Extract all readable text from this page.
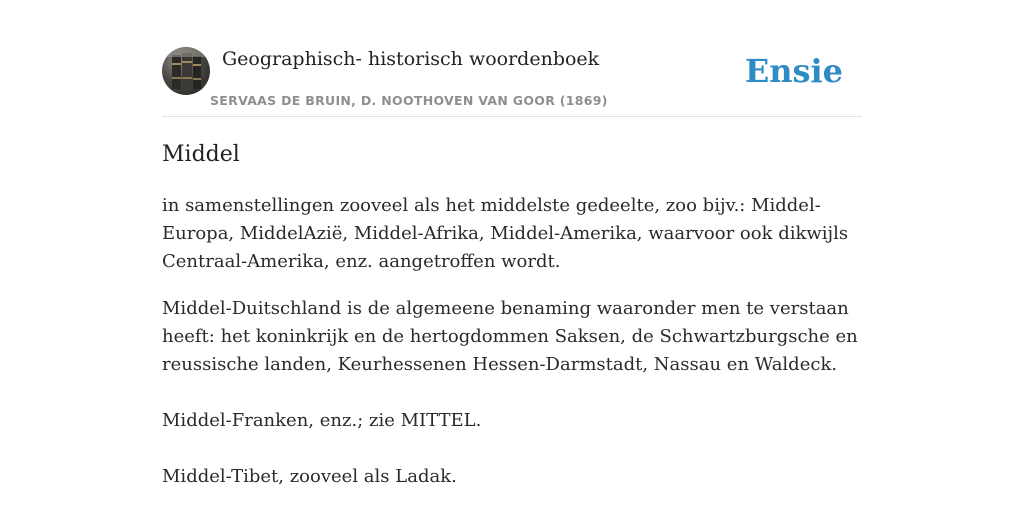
Geographisch- historisch woordenboek
SERVAAS DE BRUIN, D. NOOTHOVEN VAN GOOR (1869)
Ensie
Middel

in samenstellingen zooveel als het middelste gedeelte, zoo bijv.: Middel-Europa, MiddelAzië, Middel-Afrika, Middel-Amerika, waarvoor ook dikwijls Centraal-Amerika, enz. aangetroffen wordt.

Middel-Duitschland is de algemeene benaming waaronder men te verstaan heeft: het koninkrijk en de hertogdommen Saksen, de Schwartzburgsche en reussische landen, Keurhessenen Hessen-Darmstadt, Nassau en Waldeck.

Middel-Franken, enz.; zie MITTEL.

Middel-Tibet, zooveel als Ladak.
